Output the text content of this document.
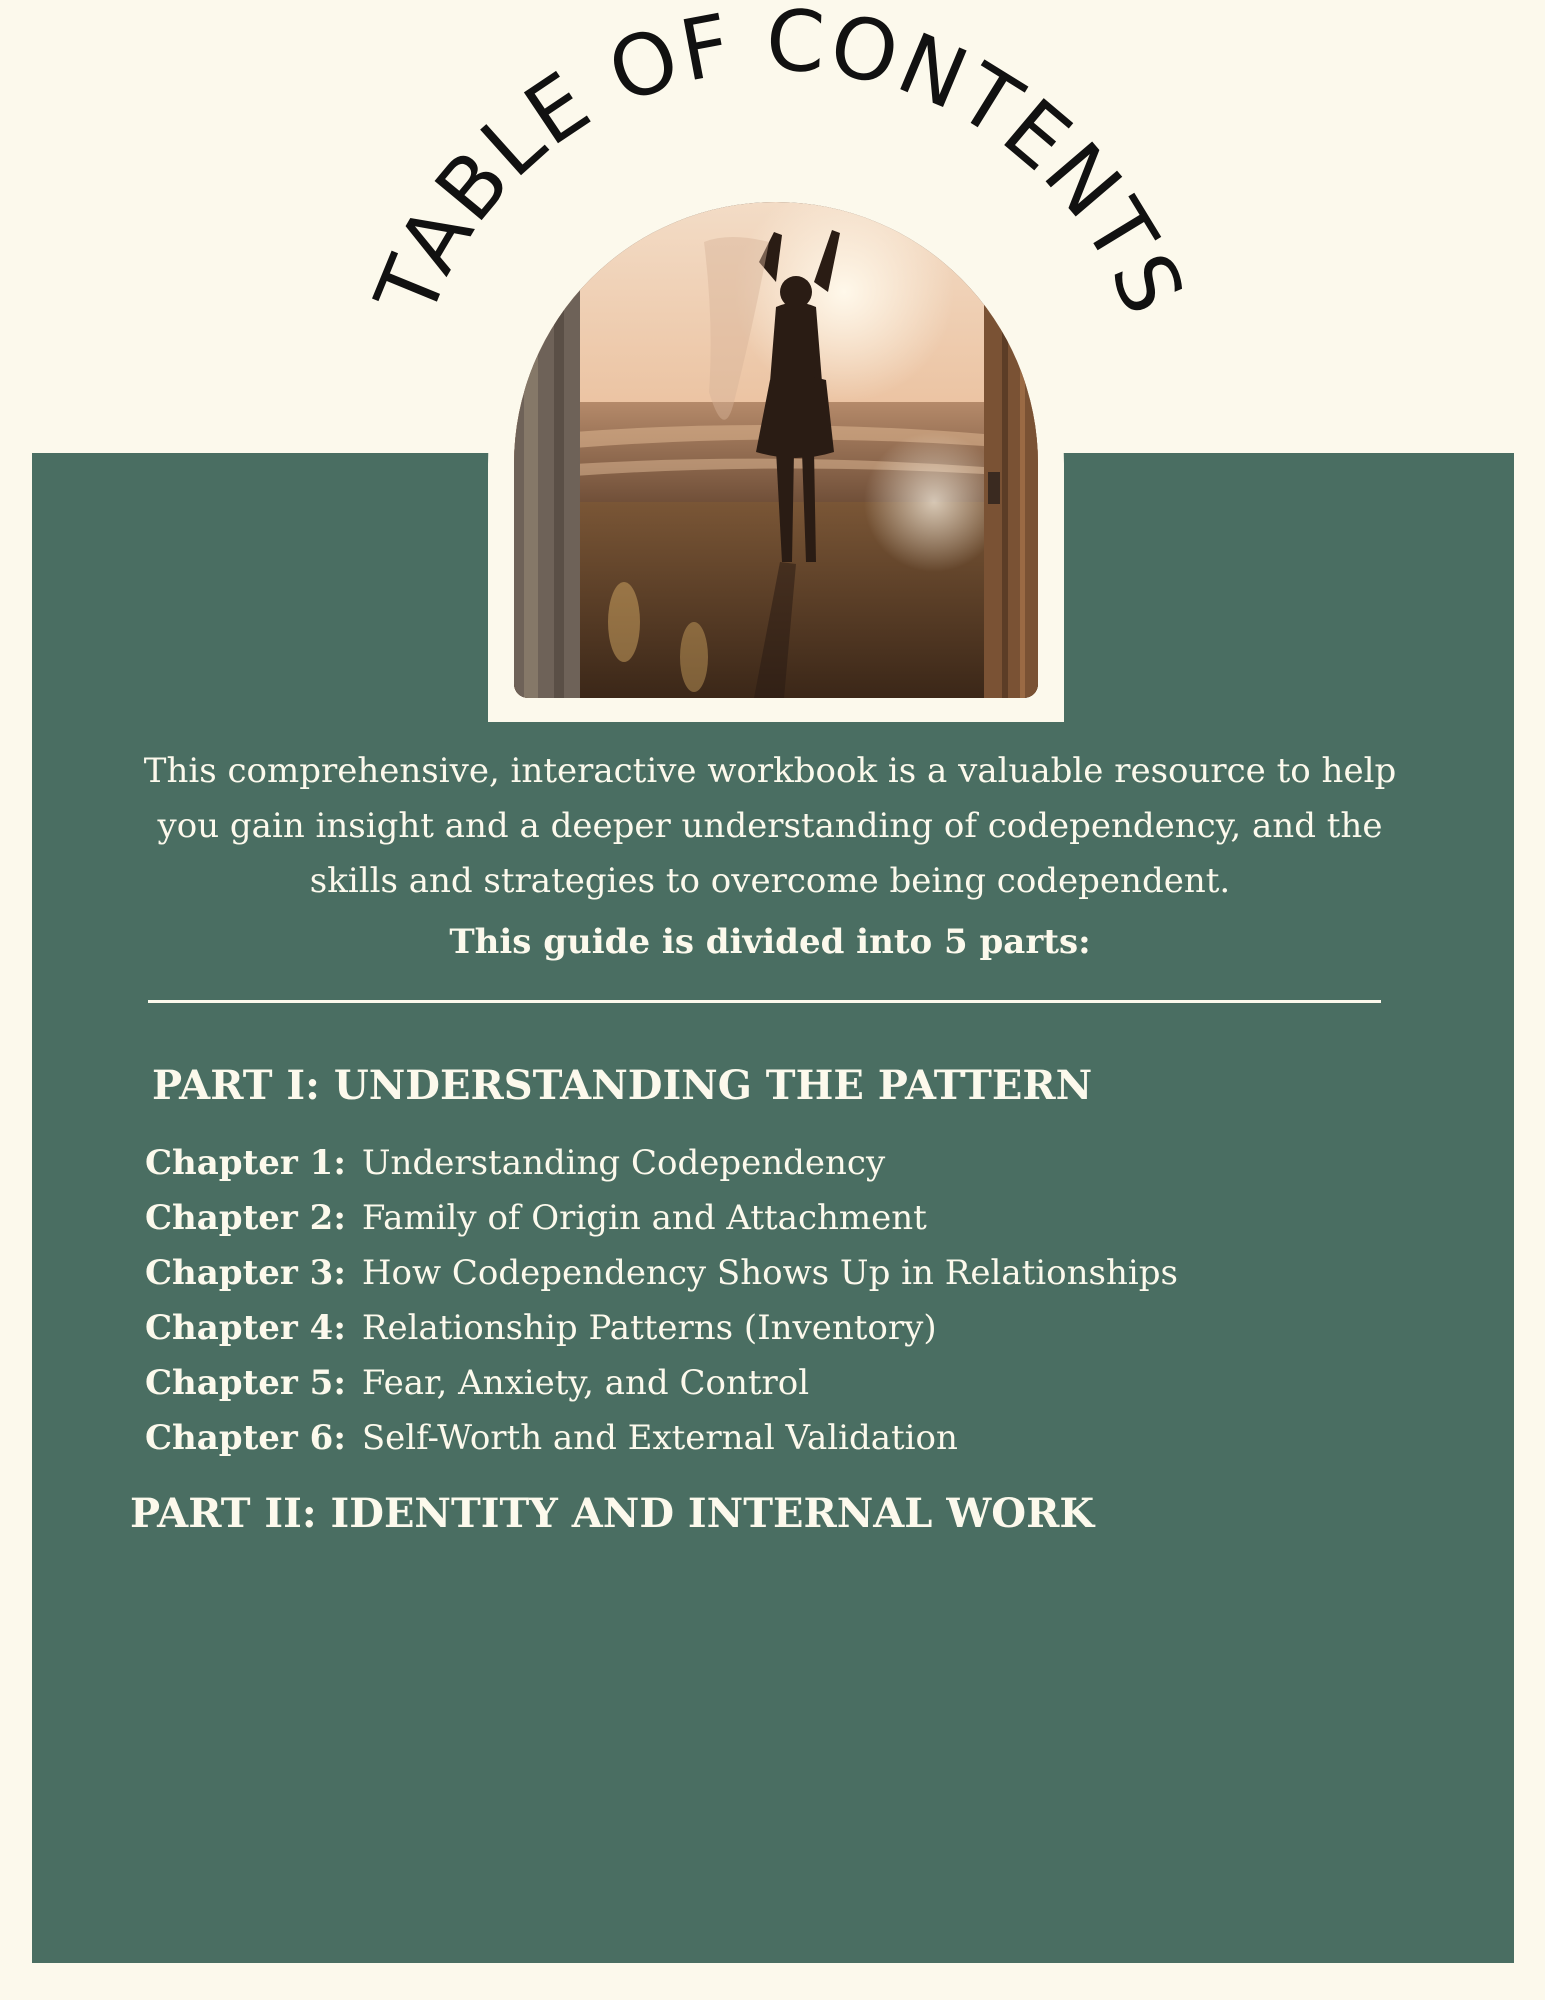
TABLE OF CONTENTS

This comprehensive, interactive workbook is a valuable resource to help you gain insight and a deeper understanding of codependency, and the skills and strategies to overcome being codependent.

This guide is divided into 5 parts:

PART I: UNDERSTANDING THE PATTERN
Chapter 1: Understanding Codependency
Chapter 2: Family of Origin and Attachment
Chapter 3: How Codependency Shows Up in Relationships
Chapter 4: Relationship Patterns (Inventory)
Chapter 5: Fear, Anxiety, and Control
Chapter 6: Self-Worth and External Validation
PART II: IDENTITY AND INTERNAL WORK
